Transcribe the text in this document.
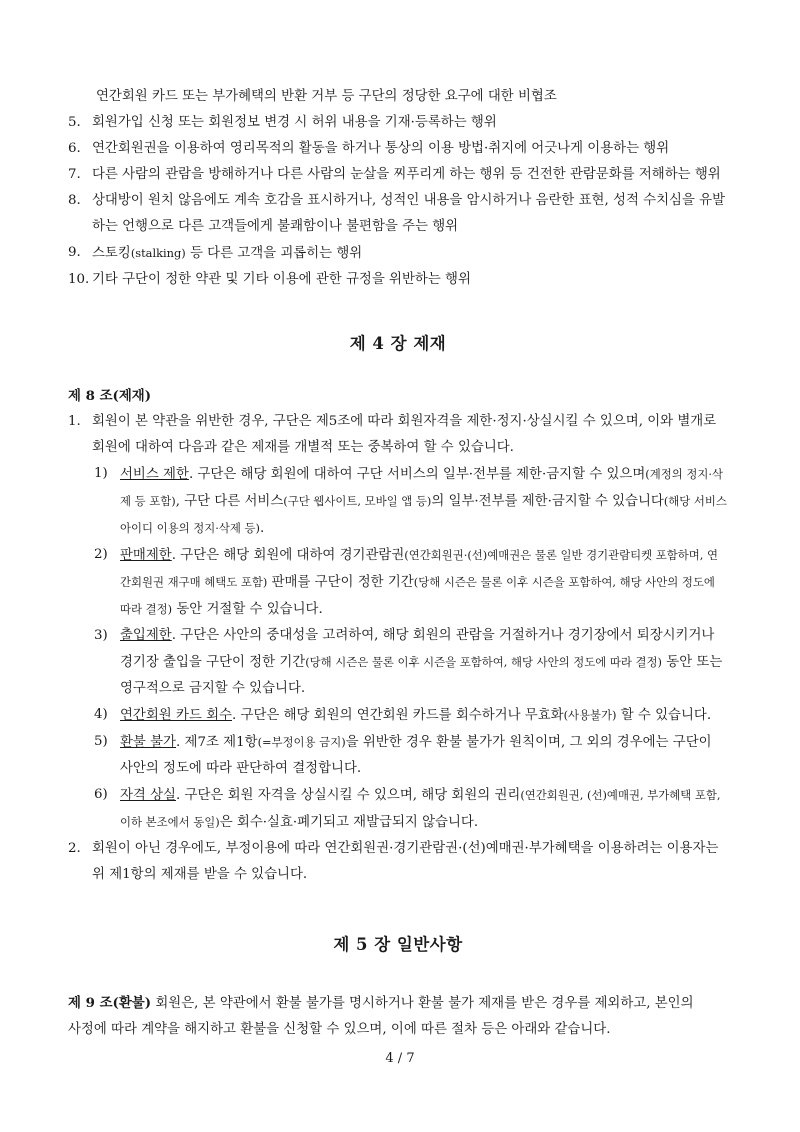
연간회원 카드 또는 부가혜택의 반환 거부 등 구단의 정당한 요구에 대한 비협조

5. 회원가입 신청 또는 회원정보 변경 시 허위 내용을 기재·등록하는 행위
6. 연간회원권을 이용하여 영리목적의 활동을 하거나 통상의 이용 방법·취지에 어긋나게 이용하는 행위
7. 다른 사람의 관람을 방해하거나 다른 사람의 눈살을 찌푸리게 하는 행위 등 건전한 관람문화를 저해하는 행위
8. 상대방이 원치 않음에도 계속 호감을 표시하거나, 성적인 내용을 암시하거나 음란한 표현, 성적 수치심을 유발하는 언행으로 다른 고객들에게 불쾌함이나 불편함을 주는 행위
9. 스토킹(stalking) 등 다른 고객을 괴롭히는 행위
10. 기타 구단이 정한 약관 및 기타 이용에 관한 규정을 위반하는 행위

제 4 장 제재

제 8 조(제재)

1. 회원이 본 약관을 위반한 경우, 구단은 제5조에 따라 회원자격을 제한·정지·상실시킬 수 있으며, 이와 별개로 회원에 대하여 다음과 같은 제재를 개별적 또는 중복하여 할 수 있습니다.
1) 서비스 제한. 구단은 해당 회원에 대하여 구단 서비스의 일부·전부를 제한·금지할 수 있으며(계정의 정지·삭제 등 포함), 구단 다른 서비스(구단 웹사이트, 모바일 앱 등)의 일부·전부를 제한·금지할 수 있습니다(해당 서비스 아이디 이용의 정지·삭제 등).
2) 판매제한. 구단은 해당 회원에 대하여 경기관람권(연간회원권·(선)예매권은 물론 일반 경기관람티켓 포함하며, 연간회원권 재구매 혜택도 포함) 판매를 구단이 정한 기간(당해 시즌은 물론 이후 시즌을 포함하여, 해당 사안의 정도에 따라 결정) 동안 거절할 수 있습니다.
3) 출입제한. 구단은 사안의 중대성을 고려하여, 해당 회원의 관람을 거절하거나 경기장에서 퇴장시키거나 경기장 출입을 구단이 정한 기간(당해 시즌은 물론 이후 시즌을 포함하여, 해당 사안의 정도에 따라 결정) 동안 또는 영구적으로 금지할 수 있습니다.
4) 연간회원 카드 회수. 구단은 해당 회원의 연간회원 카드를 회수하거나 무효화(사용불가) 할 수 있습니다.
5) 환불 불가. 제7조 제1항(=부정이용 금지)을 위반한 경우 환불 불가가 원칙이며, 그 외의 경우에는 구단이 사안의 정도에 따라 판단하여 결정합니다.
6) 자격 상실. 구단은 회원 자격을 상실시킬 수 있으며, 해당 회원의 권리(연간회원권, (선)예매권, 부가혜택 포함, 이하 본조에서 동일)은 회수·실효·폐기되고 재발급되지 않습니다.
2. 회원이 아닌 경우에도, 부정이용에 따라 연간회원권·경기관람권·(선)예매권·부가혜택을 이용하려는 이용자는 위 제1항의 제재를 받을 수 있습니다.

제 5 장 일반사항

제 9 조(환불) 회원은, 본 약관에서 환불 불가를 명시하거나 환불 불가 제재를 받은 경우를 제외하고, 본인의 사정에 따라 계약을 해지하고 환불을 신청할 수 있으며, 이에 따른 절차 등은 아래와 같습니다.

4 / 7
